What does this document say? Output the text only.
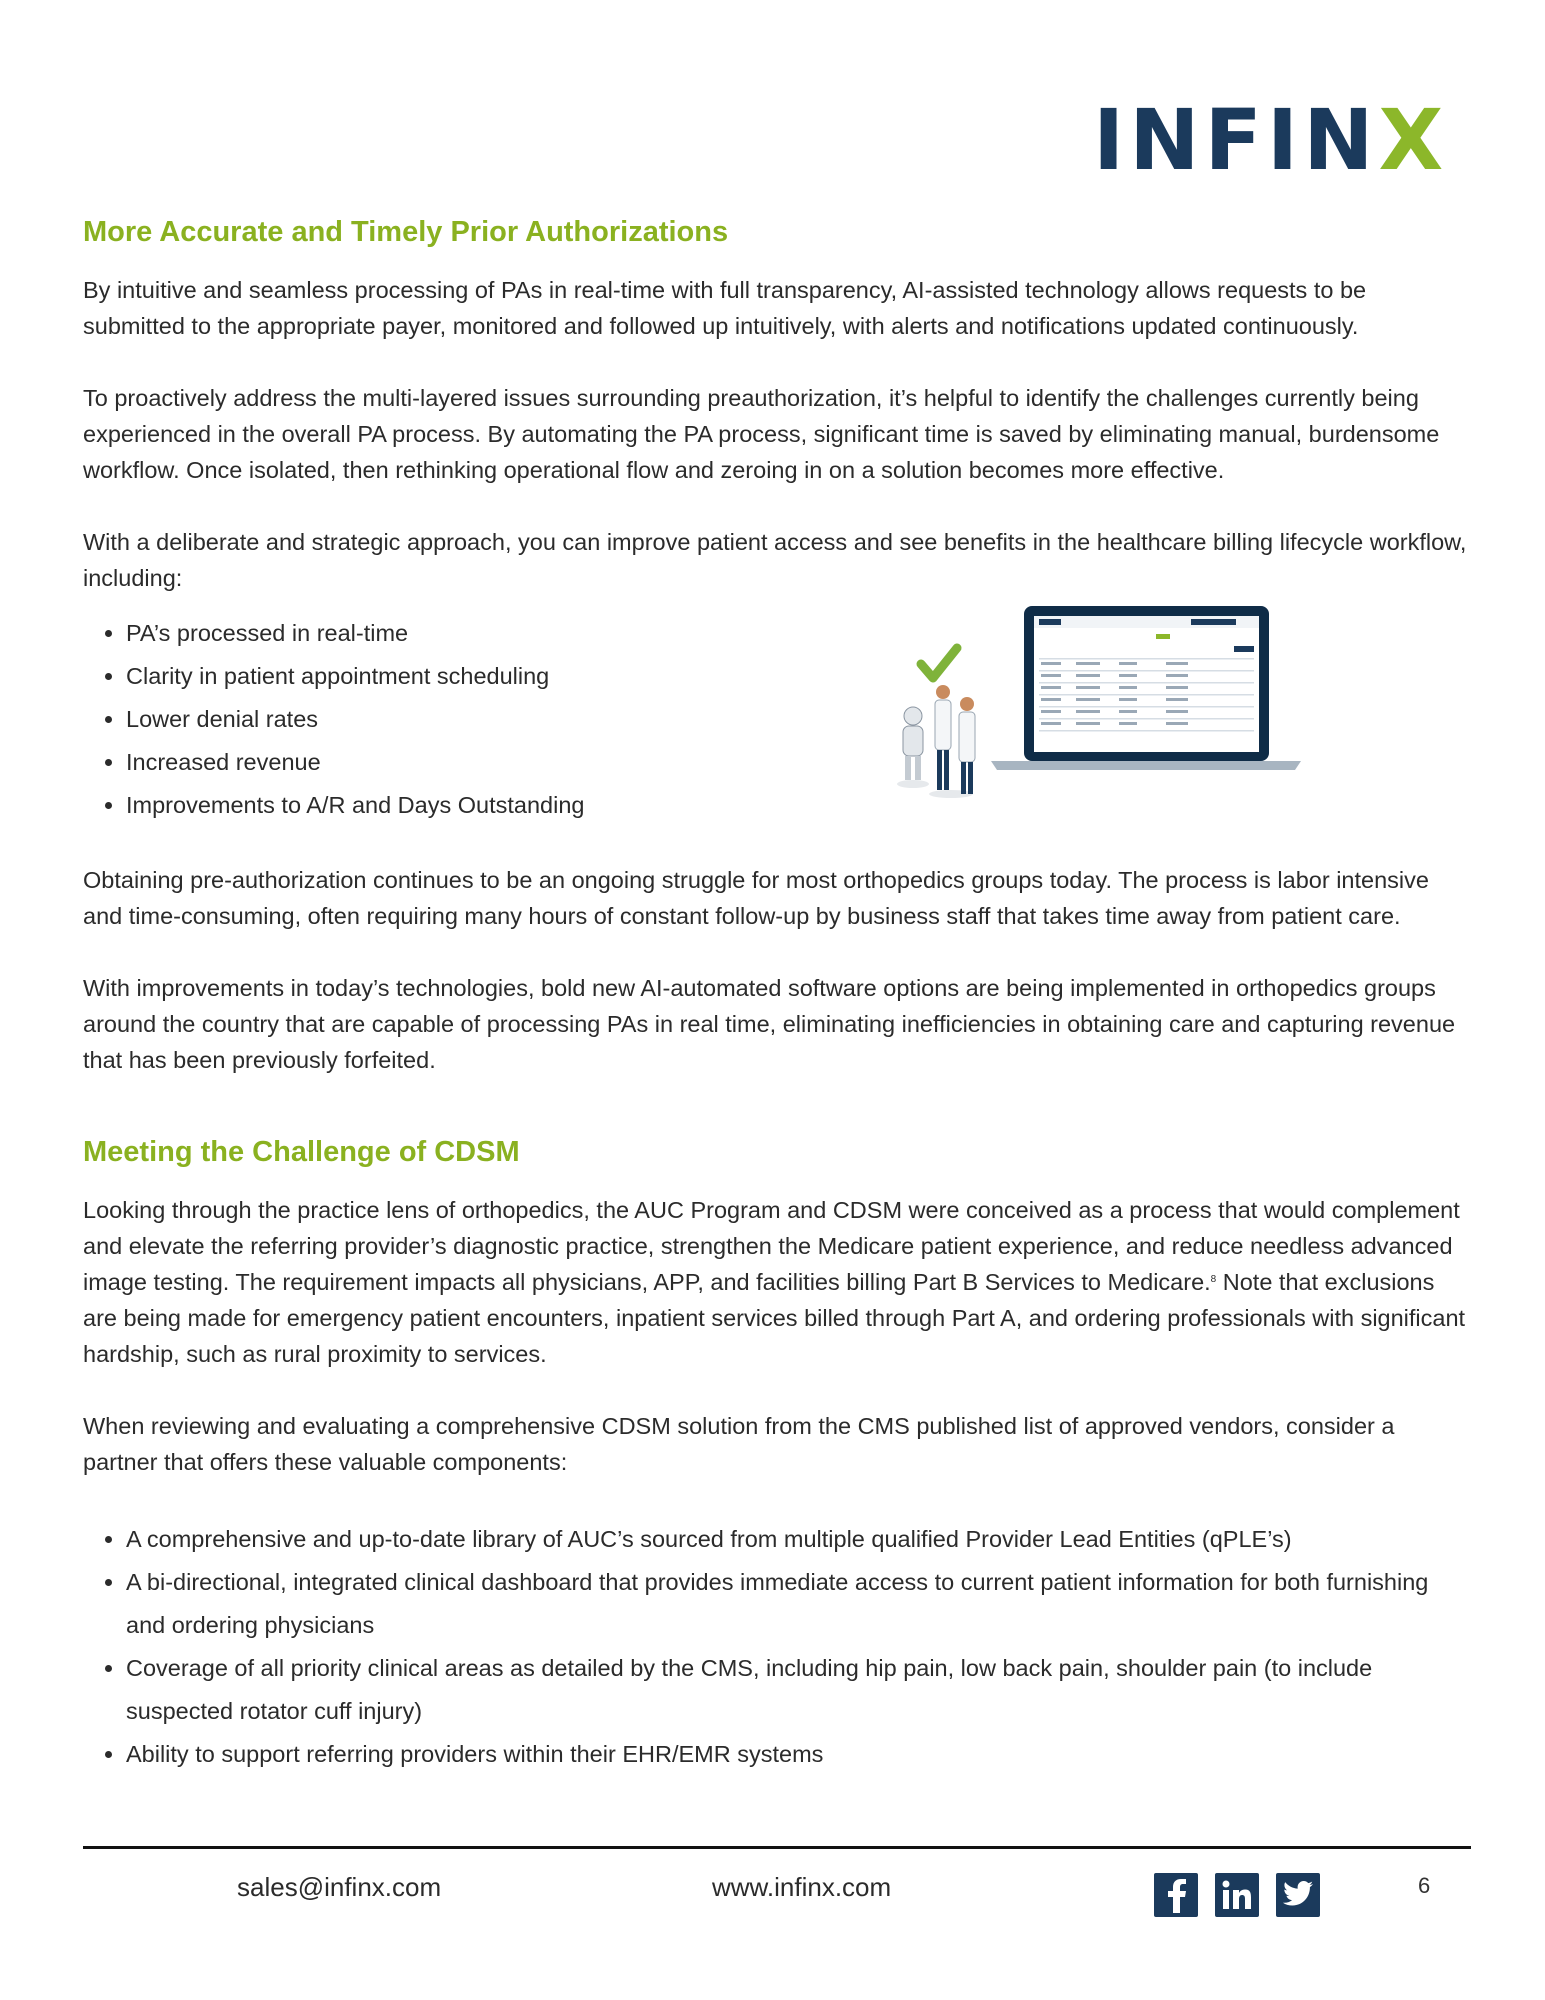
INFINX
More Accurate and Timely Prior Authorizations

By intuitive and seamless processing of PAs in real-time with full transparency, AI-assisted technology allows requests to be submitted to the appropriate payer, monitored and followed up intuitively, with alerts and notifications updated continuously.

To proactively address the multi-layered issues surrounding preauthorization, it’s helpful to identify the challenges currently being experienced in the overall PA process. By automating the PA process, significant time is saved by eliminating manual, burdensome workflow. Once isolated, then rethinking operational flow and zeroing in on a solution becomes more effective.

With a deliberate and strategic approach, you can improve patient access and see benefits in the healthcare billing lifecycle workflow, including:

• PA’s processed in real-time
• Clarity in patient appointment scheduling
• Lower denial rates
• Increased revenue
• Improvements to A/R and Days Outstanding

Obtaining pre-authorization continues to be an ongoing struggle for most orthopedics groups today. The process is labor intensive and time-consuming, often requiring many hours of constant follow-up by business staff that takes time away from patient care.

With improvements in today’s technologies, bold new AI-automated software options are being implemented in orthopedics groups around the country that are capable of processing PAs in real time, eliminating inefficiencies in obtaining care and capturing revenue that has been previously forfeited.

Meeting the Challenge of CDSM

Looking through the practice lens of orthopedics, the AUC Program and CDSM were conceived as a process that would complement and elevate the referring provider’s diagnostic practice, strengthen the Medicare patient experience, and reduce needless advanced image testing. The requirement impacts all physicians, APP, and facilities billing Part B Services to Medicare.$^8$ Note that exclusions are being made for emergency patient encounters, inpatient services billed through Part A, and ordering professionals with significant hardship, such as rural proximity to services.

When reviewing and evaluating a comprehensive CDSM solution from the CMS published list of approved vendors, consider a partner that offers these valuable components:

• A comprehensive and up-to-date library of AUC’s sourced from multiple qualified Provider Lead Entities (qPLE’s)
• A bi-directional, integrated clinical dashboard that provides immediate access to current patient information for both furnishing and ordering physicians
• Coverage of all priority clinical areas as detailed by the CMS, including hip pain, low back pain, shoulder pain (to include suspected rotator cuff injury)
• Ability to support referring providers within their EHR/EMR systems
sales@infinx.com	www.infinx.com	6
